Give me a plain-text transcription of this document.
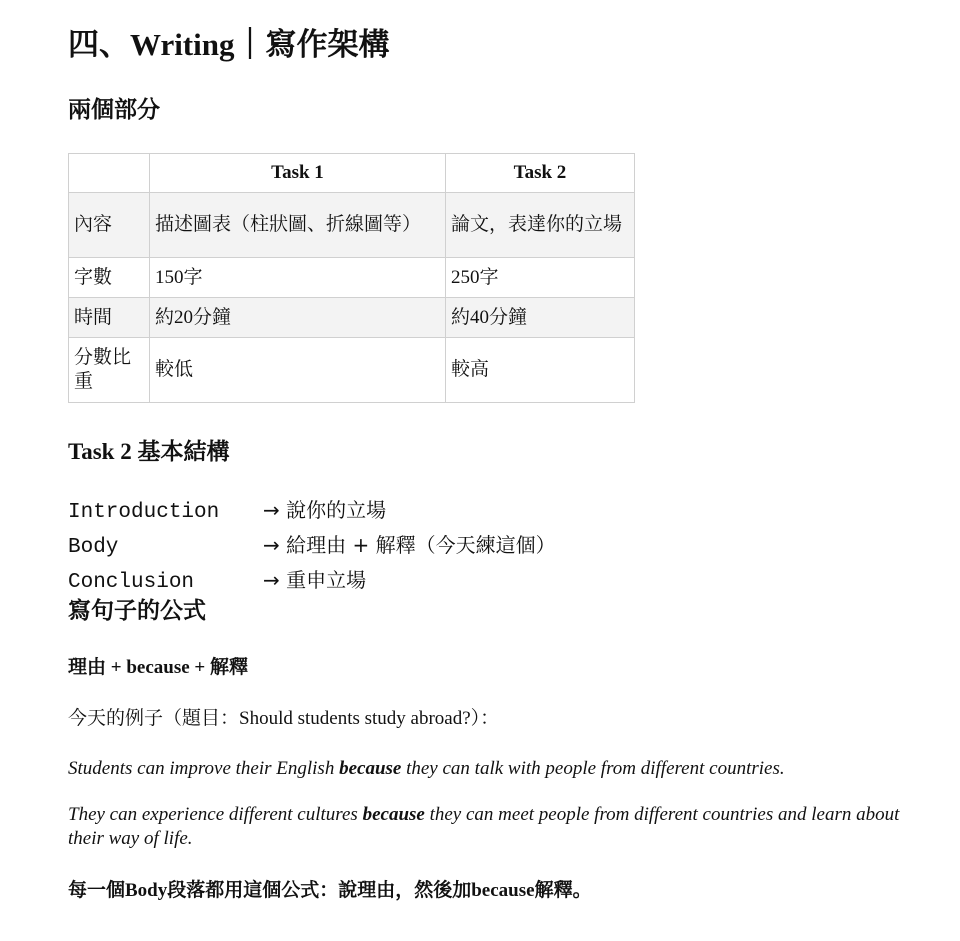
四、Writing｜寫作架構
兩個部分
	Task 1	Task 2
內容	描述圖表（柱狀圖、折線圖等）	論文，表達你的立場
字數	150字	250字
時間	約20分鐘	約40分鐘
分數比重	較低	較高
Task 2 基本結構
Introduction → 說你的立場
Body	→ 給理由 + 解釋（今天練這個）
Conclusion	→ 重申立場
寫句子的公式

理由 + because + 解釋

今天的例子（題目：Should students study abroad?）：

Students can improve their English because they can talk with people from different countries.

They can experience different cultures because they can meet people from different countries and learn about their way of life.

每一個Body段落都用這個公式：說理由，然後加because解釋。
